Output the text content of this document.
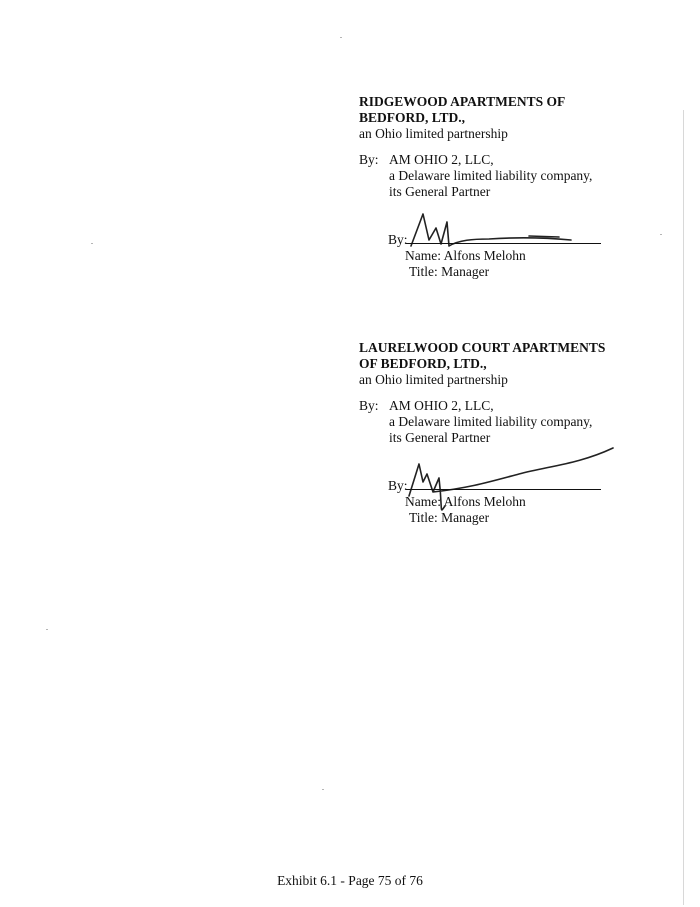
RIDGEWOOD APARTMENTS OF
BEDFORD, LTD.,
an Ohio limited partnership
By: AM OHIO 2, LLC,
a Delaware limited liability company,
its General Partner
By:
Name: Alfons Melohn
Title: Manager
LAURELWOOD COURT APARTMENTS
OF BEDFORD, LTD.,
an Ohio limited partnership
By: AM OHIO 2, LLC,
a Delaware limited liability company,
its General Partner
By:
Name: Alfons Melohn
Title: Manager
Exhibit 6.1 - Page 75 of 76
